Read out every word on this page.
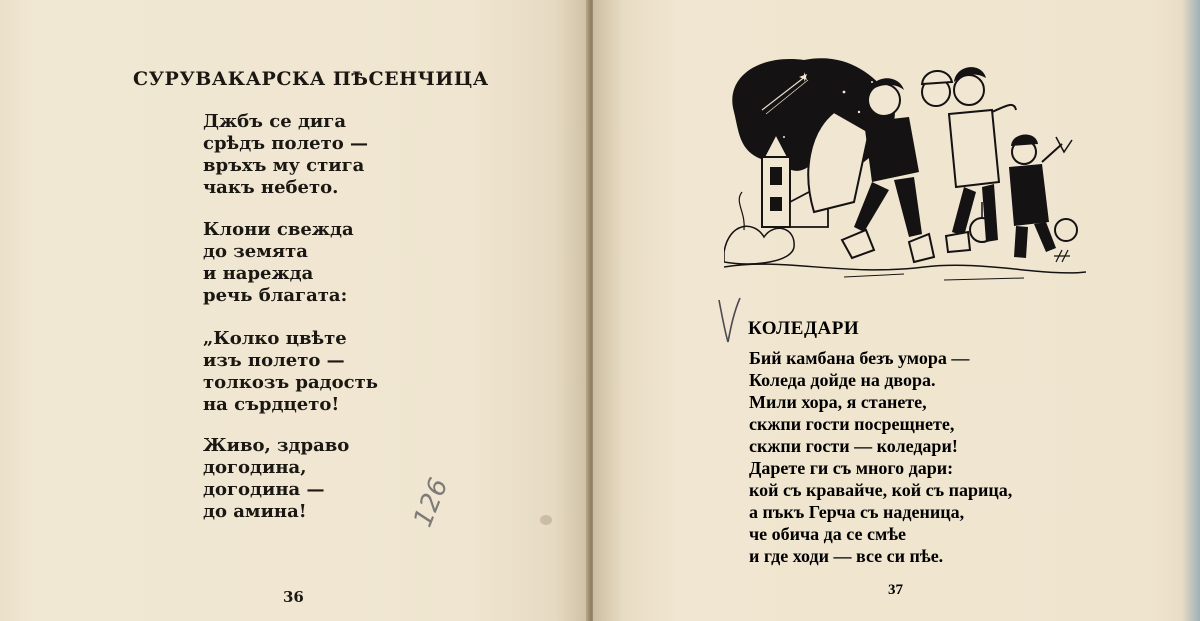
СУРУВАКАРСКА ПѢСЕНЧИЦА
Джбъ се дига
срѣдъ полето —
връхъ му стига
чакъ небето.
Клони свежда
до земята
и нарежда
речь благата:
„Колко цвѣте
изъ полето —
толкозъ радость
на сърдцето!
Живо, здраво
догодина,
догодина —
до амина!	126
36
КОЛЕДАРИ
Бий камбана безъ умора —
Коледа дойде на двора.
Мили хора, я станете,
скжпи гости посрещнете,
скжпи гости — коледари!
Дарете ги съ много дари:
кой съ кравайче, кой съ парица,
а пъкъ Герча съ наденица,
че обича да се смѣе
и где ходи — все си пѣе.
37
